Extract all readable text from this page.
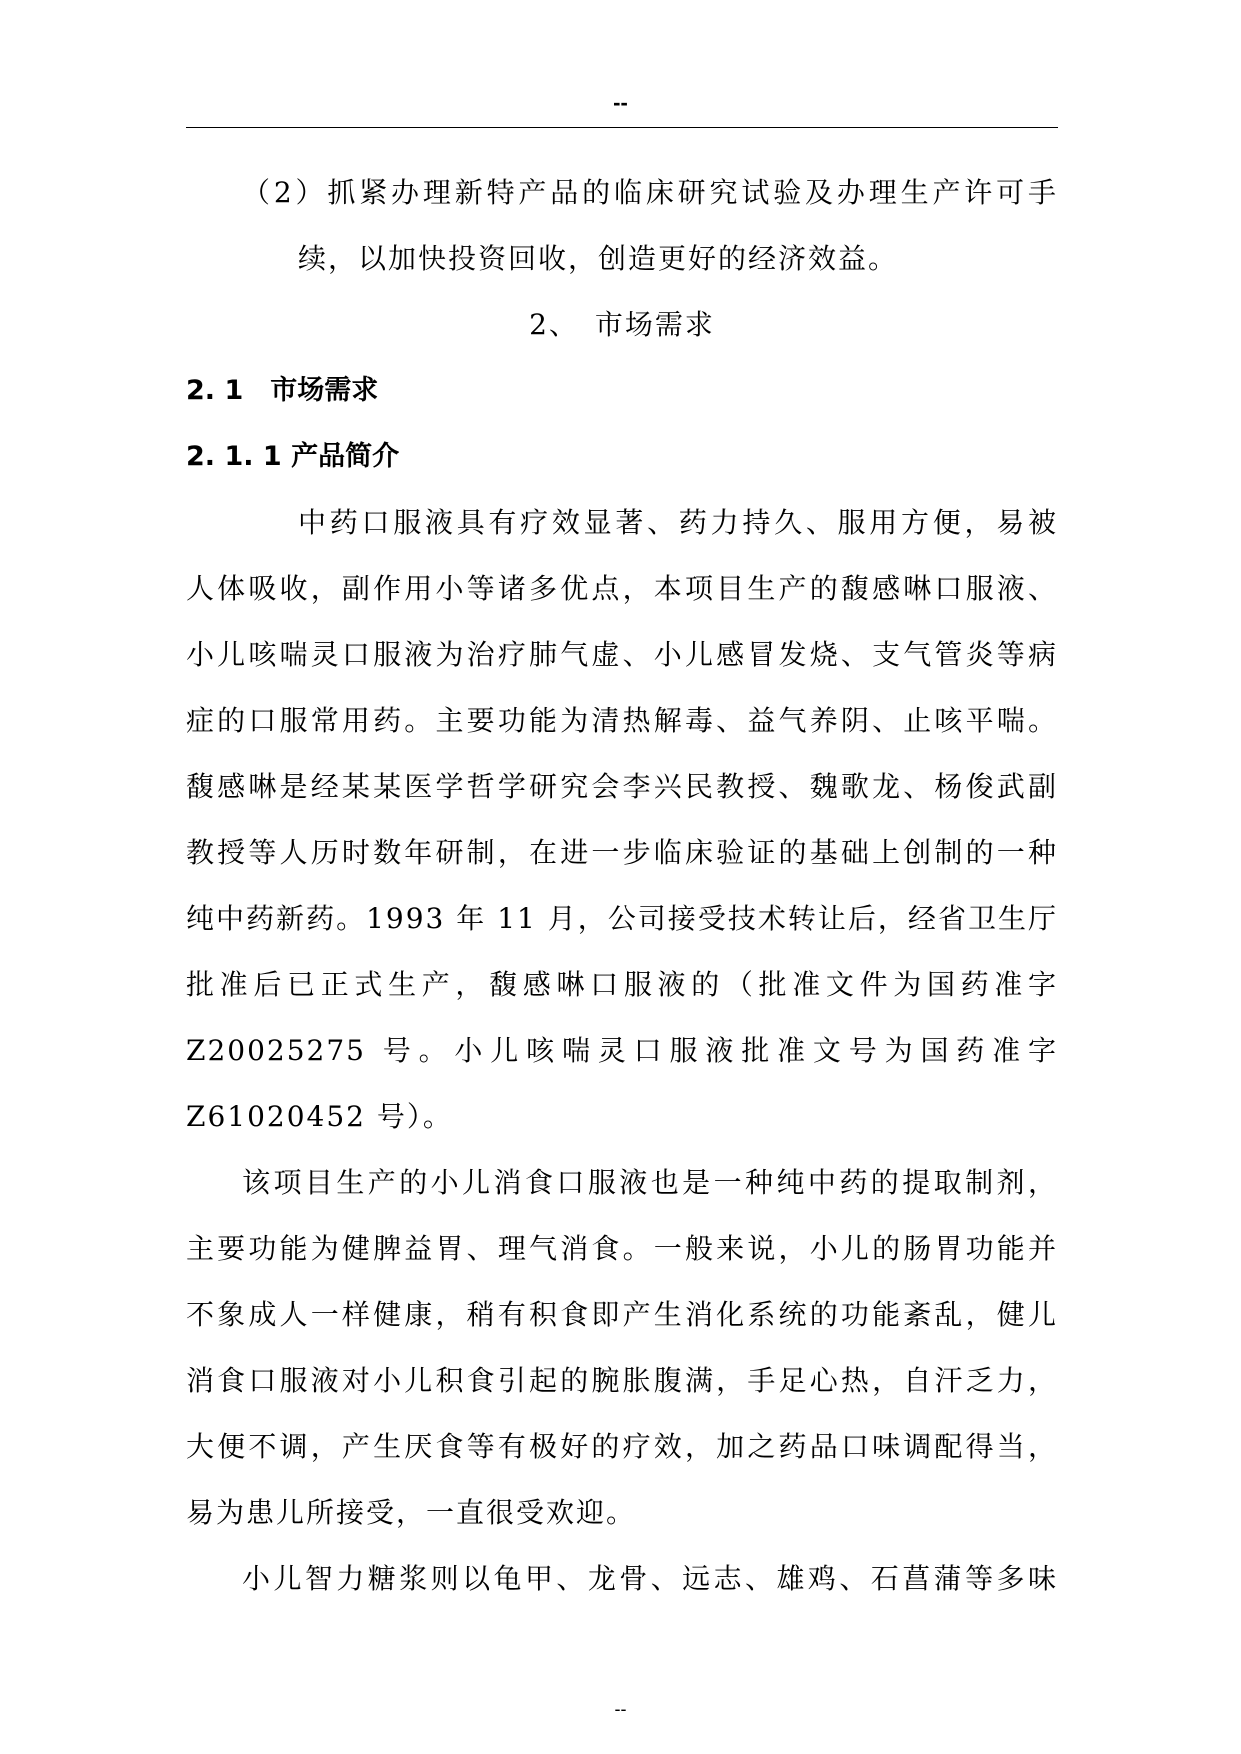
--

（2）抓紧办理新特产品的临床研究试验及办理生产许可手

续，以加快投资回收，创造更好的经济效益。

2、　市场需求

2. 1　市场需求

2. 1. 1 产品简介

中药口服液具有疗效显著、药力持久、服用方便，易被

人体吸收，副作用小等诸多优点，本项目生产的馥感啉口服液、

小儿咳喘灵口服液为治疗肺气虚、小儿感冒发烧、支气管炎等病

症的口服常用药。主要功能为清热解毒、益气养阴、止咳平喘。

馥感啉是经某某医学哲学研究会李兴民教授、魏歌龙、杨俊武副

教授等人历时数年研制，在进一步临床验证的基础上创制的一种

纯中药新药。1993 年 11 月，公司接受技术转让后，经省卫生厅

批准后已正式生产，馥感啉口服液的（批准文件为国药准字

Z20025275 号。小儿咳喘灵口服液批准文号为国药准字

Z61020452 号）。

该项目生产的小儿消食口服液也是一种纯中药的提取制剂，

主要功能为健脾益胃、理气消食。一般来说，小儿的肠胃功能并

不象成人一样健康，稍有积食即产生消化系统的功能紊乱，健儿

消食口服液对小儿积食引起的腕胀腹满，手足心热，自汗乏力，

大便不调，产生厌食等有极好的疗效，加之药品口味调配得当，

易为患儿所接受，一直很受欢迎。

小儿智力糖浆则以龟甲、龙骨、远志、雄鸡、石菖蒲等多味

--
